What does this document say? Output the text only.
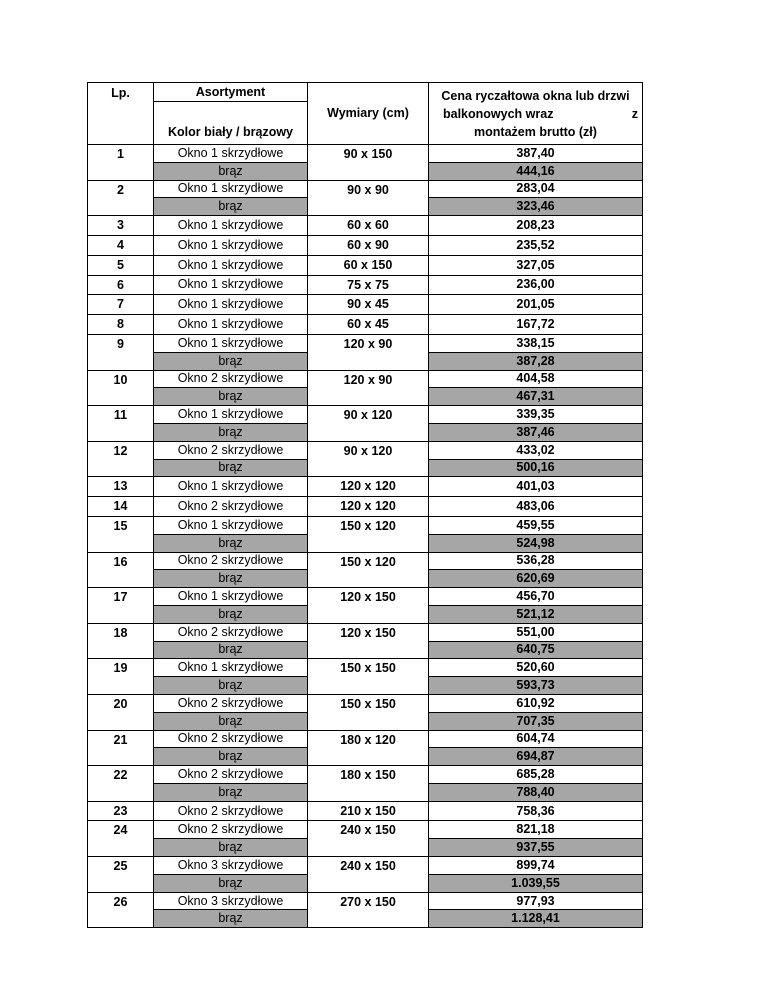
Lp.	Asortyment	Wymiary (cm)	Cena ryczałtowa okna lub drzwi
balkonowych wraz z
montażem brutto (zł)

	Kolor biały / brązowy		
1	Okno 1 skrzydłowe	90 x 150	387,40
	brąz		444,16
2	Okno 1 skrzydłowe	90 x 90	283,04
	brąz		323,46
3	Okno 1 skrzydłowe	60 x 60	208,23
4	Okno 1 skrzydłowe	60 x 90	235,52
5	Okno 1 skrzydłowe	60 x 150	327,05
6	Okno 1 skrzydłowe	75 x 75	236,00
7	Okno 1 skrzydłowe	90 x 45	201,05
8	Okno 1 skrzydłowe	60 x 45	167,72
9	Okno 1 skrzydłowe	120 x 90	338,15
	brąz		387,28
10	Okno 2 skrzydłowe	120 x 90	404,58
	brąz		467,31
11	Okno 1 skrzydłowe	90 x 120	339,35
	brąz		387,46
12	Okno 2 skrzydłowe	90 x 120	433,02
	brąz		500,16
13	Okno 1 skrzydłowe	120 x 120	401,03
14	Okno 2 skrzydłowe	120 x 120	483,06
15	Okno 1 skrzydłowe	150 x 120	459,55
	brąz		524,98
16	Okno 2 skrzydłowe	150 x 120	536,28
	brąz		620,69
17	Okno 1 skrzydłowe	120 x 150	456,70
	brąz		521,12
18	Okno 2 skrzydłowe	120 x 150	551,00
	brąz		640,75
19	Okno 1 skrzydłowe	150 x 150	520,60
	brąz		593,73
20	Okno 2 skrzydłowe	150 x 150	610,92
	brąz		707,35
21	Okno 2 skrzydłowe	180 x 120	604,74
	brąz		694,87
22	Okno 2 skrzydłowe	180 x 150	685,28
	brąz		788,40
23	Okno 2 skrzydłowe	210 x 150	758,36
24	Okno 2 skrzydłowe	240 x 150	821,18
	brąz		937,55
25	Okno 3 skrzydłowe	240 x 150	899,74
	brąz		1.039,55
26	Okno 3 skrzydłowe	270 x 150	977,93
	brąz		1.128,41
